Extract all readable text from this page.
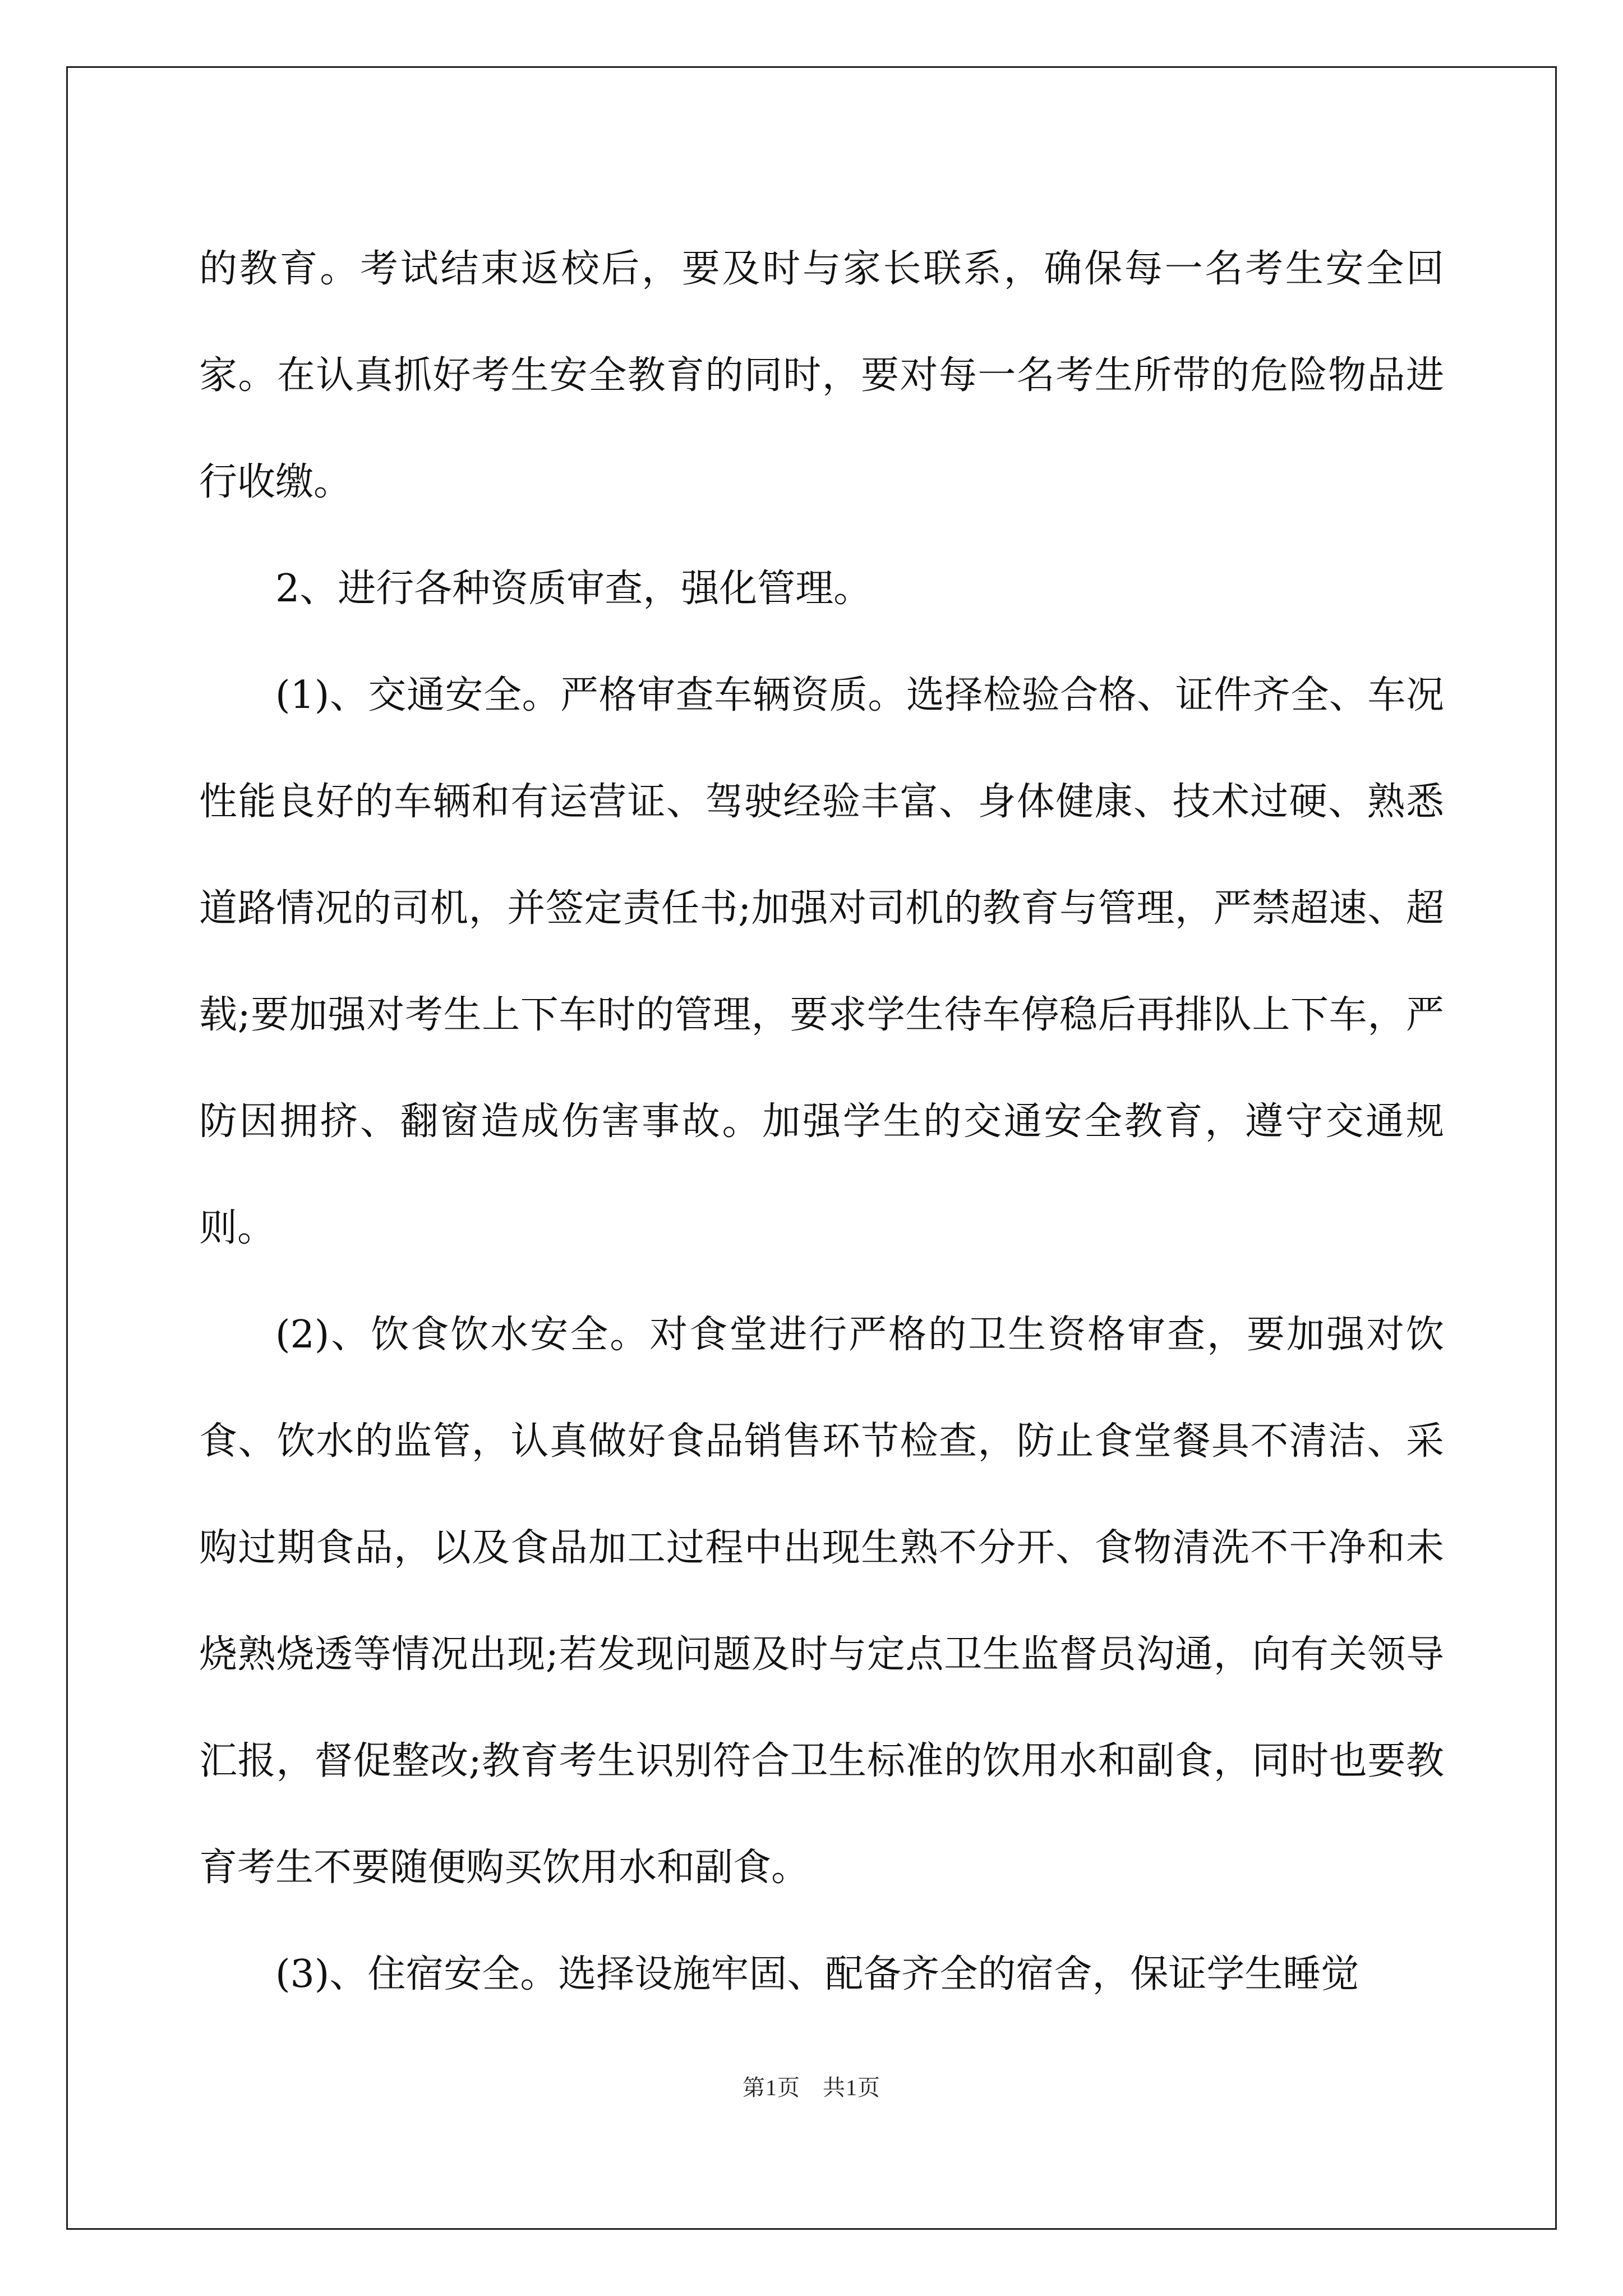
的教育。考试结束返校后，要及时与家长联系，确保每一名考生安全回家。在认真抓好考生安全教育的同时，要对每一名考生所带的危险物品进行收缴。

2、进行各种资质审查，强化管理。

(1)、交通安全。严格审查车辆资质。选择检验合格、证件齐全、车况性能良好的车辆和有运营证、驾驶经验丰富、身体健康、技术过硬、熟悉道路情况的司机，并签定责任书;加强对司机的教育与管理，严禁超速、超载;要加强对考生上下车时的管理，要求学生待车停稳后再排队上下车，严防因拥挤、翻窗造成伤害事故。加强学生的交通安全教育，遵守交通规则。

(2)、饮食饮水安全。对食堂进行严格的卫生资格审查，要加强对饮食、饮水的监管，认真做好食品销售环节检查，防止食堂餐具不清洁、采购过期食品，以及食品加工过程中出现生熟不分开、食物清洗不干净和未烧熟烧透等情况出现;若发现问题及时与定点卫生监督员沟通，向有关领导汇报，督促整改;教育考生识别符合卫生标准的饮用水和副食，同时也要教育考生不要随便购买饮用水和副食。

(3)、住宿安全。选择设施牢固、配备齐全的宿舍，保证学生睡觉

第1页 共1页
